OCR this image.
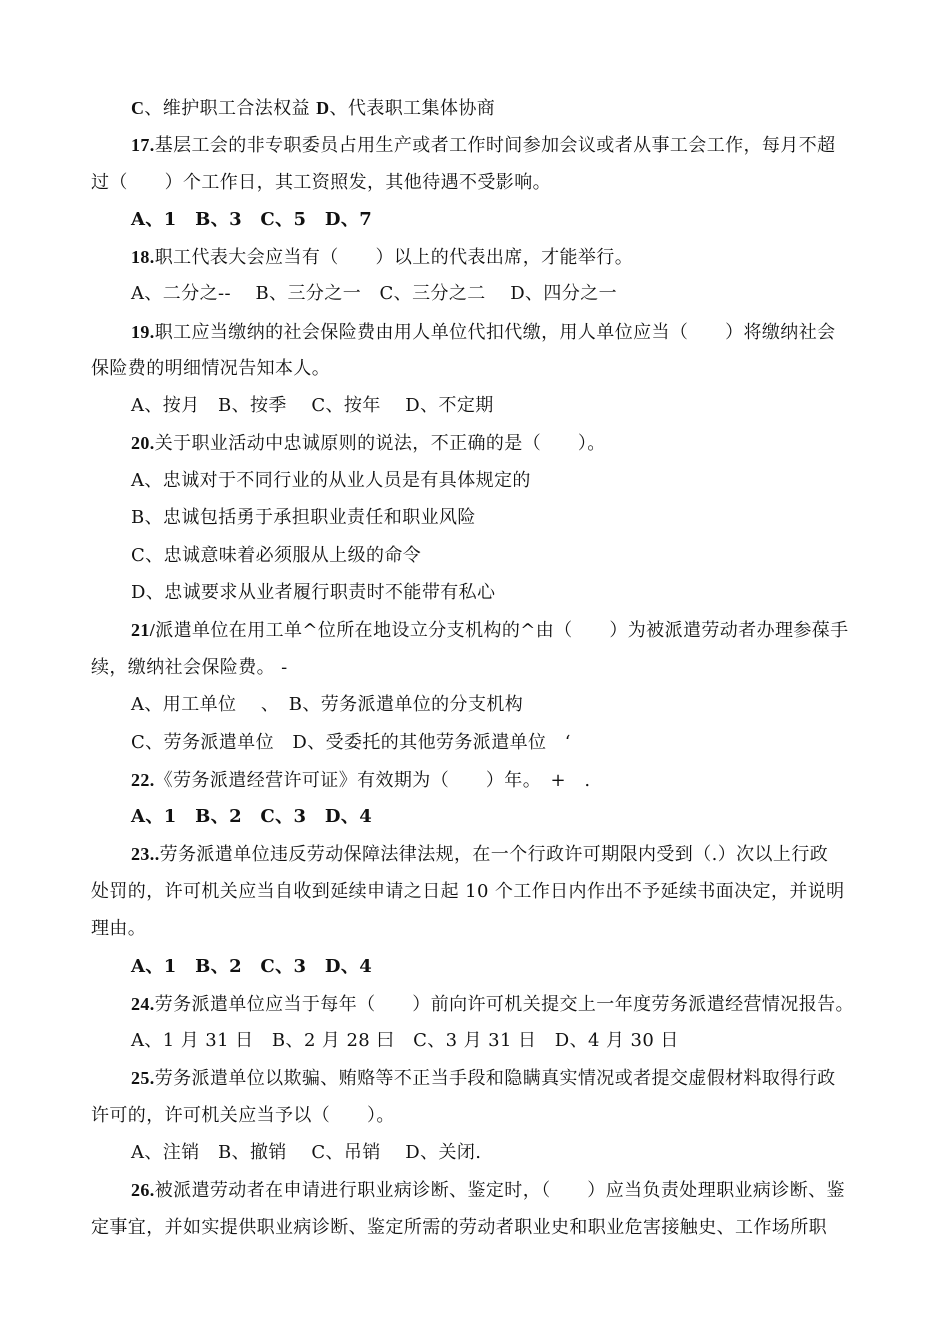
C、维护职工合法权益 D、代表职工集体协商
17.基层工会的非专职委员占用生产或者工作时间参加会议或者从事工会工作，每月不超
过（　　）个工作日，其工资照发，其他待遇不受影响。
A、1　B、3　C、5　D、7
18.职工代表大会应当有（　　）以上的代表出席，才能举行。
A、二分之--　 B、三分之一　C、三分之二　 D、四分之一
19.职工应当缴纳的社会保险费由用人单位代扣代缴，用人单位应当（　　）将缴纳社会
保险费的明细情况告知本人。
A、按月　B、按季　 C、按年　 D、不定期
20.关于职业活动中忠诚原则的说法，不正确的是（　　）。
A、忠诚对于不同行业的从业人员是有具体规定的
B、忠诚包括勇于承担职业责任和职业风险
C、忠诚意味着必须服从上级的命令
D、忠诚要求从业者履行职责时不能带有私心
21/派遣单位在用工单^位所在地设立分支机构的^由（　　）为被派遣劳动者办理参葆手
续，缴纳社会保险费。 -
A、用工单位　 、　B、劳务派遣单位的分支机构
C、劳务派遣单位　D、受委托的其他劳务派遣单位　‘
22.《劳务派遣经营许可证》有效期为（　　）年。　+　.
A、1　B、2　C、3　D、4
23..劳务派遣单位违反劳动保障法律法规，在一个行政许可期限内受到（.）次以上行政
处罚的，许可机关应当自收到延续申请之日起 10 个工作日内作出不予延续书面决定，并说明
理由。
A、1　B、2　C、3　D、4
24.劳务派遣单位应当于每年（　　）前向许可机关提交上一年度劳务派遣经营情况报告。
A、1 月 31 日　B、2 月 28 曰　C、3 月 31 日　D、4 月 30 日
25.劳务派遣单位以欺骗、贿赂等不正当手段和隐瞒真实情况或者提交虚假材料取得行政
许可的，许可机关应当予以（　　）。
A、注销　B、撤销　 C、吊销　 D、关闭.
26.被派遣劳动者在申请进行职业病诊断、鉴定时，（　　）应当负责处理职业病诊断、鉴
定事宜，并如实提供职业病诊断、鉴定所需的劳动者职业史和职业危害接触史、工作场所职
